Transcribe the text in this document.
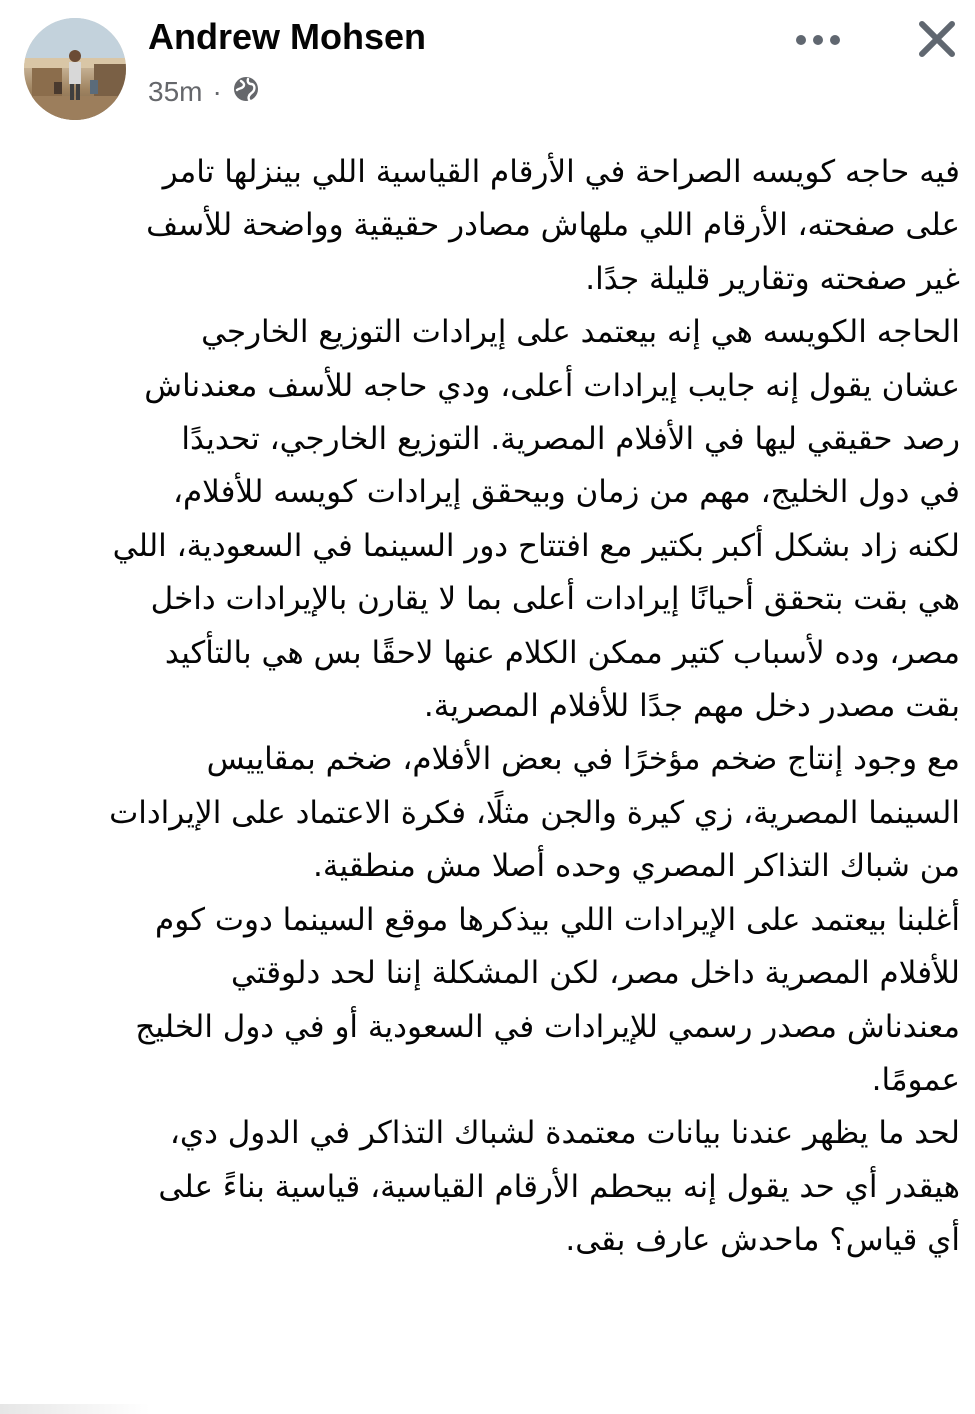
Andrew Mohsen
35m ·

فيه حاجه كويسه الصراحة في الأرقام القياسية اللي بينزلها تامر

على صفحته، الأرقام اللي ملهاش مصادر حقيقية وواضحة للأسف

غير صفحته وتقارير قليلة جدًا.

الحاجه الكويسه هي إنه بيعتمد على إيرادات التوزيع الخارجي

عشان يقول إنه جايب إيرادات أعلى، ودي حاجه للأسف معندناش

رصد حقيقي ليها في الأفلام المصرية. التوزيع الخارجي، تحديدًا

في دول الخليج، مهم من زمان وبيحقق إيرادات كويسه للأفلام،

لكنه زاد بشكل أكبر بكتير مع افتتاح دور السينما في السعودية، اللي

هي بقت بتحقق أحيانًا إيرادات أعلى بما لا يقارن بالإيرادات داخل

مصر، وده لأسباب كتير ممكن الكلام عنها لاحقًا بس هي بالتأكيد

بقت مصدر دخل مهم جدًا للأفلام المصرية.

مع وجود إنتاج ضخم مؤخرًا في بعض الأفلام، ضخم بمقاييس

السينما المصرية، زي كيرة والجن مثلًا، فكرة الاعتماد على الإيرادات

من شباك التذاكر المصري وحده أصلا مش منطقية.

أغلبنا بيعتمد على الإيرادات اللي بيذكرها موقع السينما دوت كوم

للأفلام المصرية داخل مصر، لكن المشكلة إننا لحد دلوقتي

معندناش مصدر رسمي للإيرادات في السعودية أو في دول الخليج

عمومًا.

لحد ما يظهر عندنا بيانات معتمدة لشباك التذاكر في الدول دي،

هيقدر أي حد يقول إنه بيحطم الأرقام القياسية، قياسية بناءً على

أي قياس؟ ماحدش عارف بقى.
